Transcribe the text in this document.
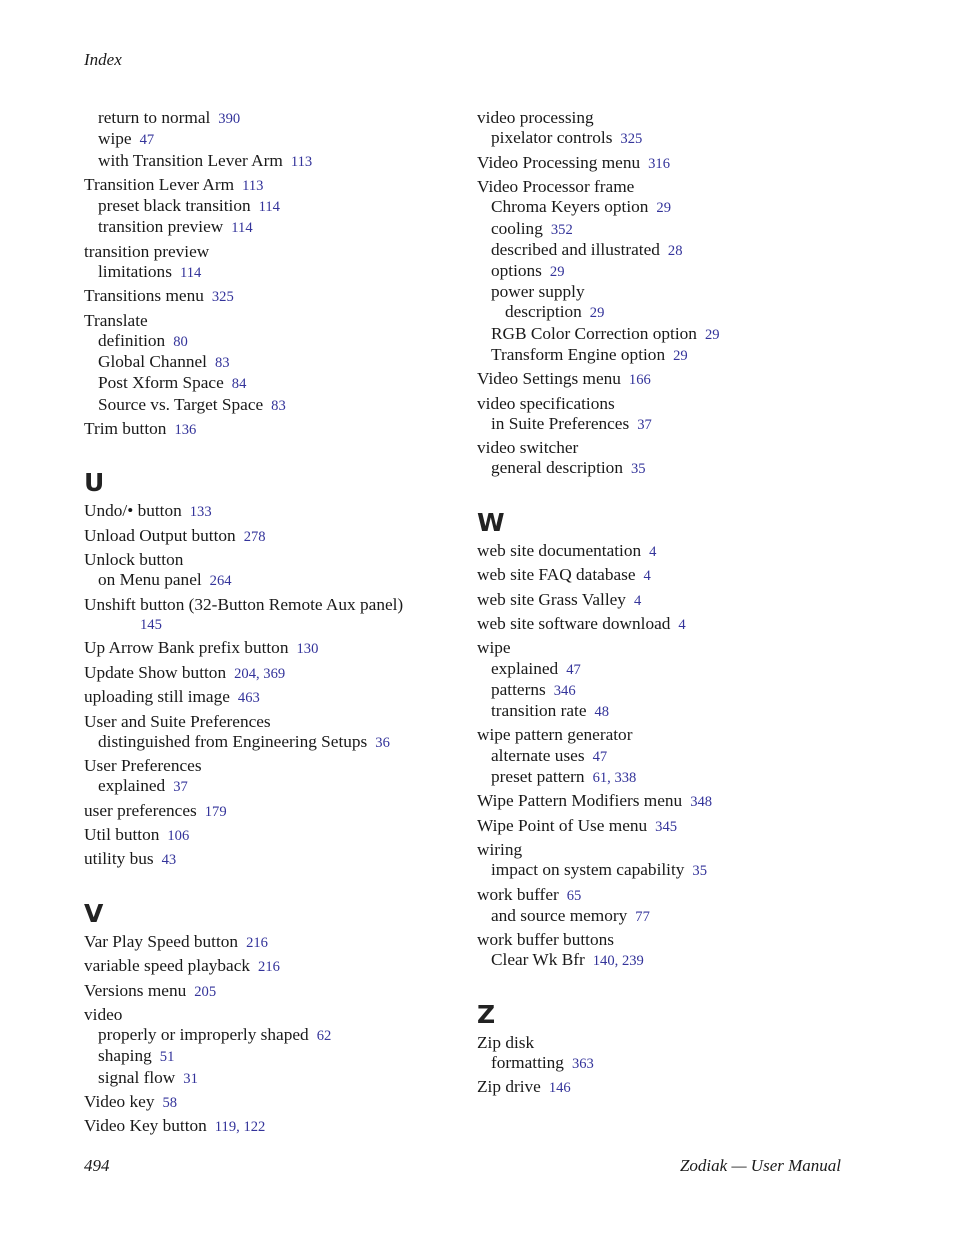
Index
return to normal 390
wipe 47
with Transition Lever Arm 113
Transition Lever Arm 113
preset black transition 114
transition preview 114
transition preview
limitations 114
Transitions menu 325
Translate
definition 80
Global Channel 83
Post Xform Space 84
Source vs. Target Space 83
Trim button 136
U
Undo/• button 133
Unload Output button 278
Unlock button
on Menu panel 264
Unshift button (32-Button Remote Aux panel)
145
Up Arrow Bank prefix button 130
Update Show button 204, 369
uploading still image 463
User and Suite Preferences
distinguished from Engineering Setups 36
User Preferences
explained 37
user preferences 179
Util button 106
utility bus 43
V
Var Play Speed button 216
variable speed playback 216
Versions menu 205
video
properly or improperly shaped 62
shaping 51
signal flow 31
Video key 58
Video Key button 119, 122
video processing
pixelator controls 325
Video Processing menu 316
Video Processor frame
Chroma Keyers option 29
cooling 352
described and illustrated 28
options 29
power supply
description 29
RGB Color Correction option 29
Transform Engine option 29
Video Settings menu 166
video specifications
in Suite Preferences 37
video switcher
general description 35
W
web site documentation 4
web site FAQ database 4
web site Grass Valley 4
web site software download 4
wipe
explained 47
patterns 346
transition rate 48
wipe pattern generator
alternate uses 47
preset pattern 61, 338
Wipe Pattern Modifiers menu 348
Wipe Point of Use menu 345
wiring
impact on system capability 35
work buffer 65
and source memory 77
work buffer buttons
Clear Wk Bfr 140, 239
Z
Zip disk
formatting 363
Zip drive 146
494	Zodiak — User Manual
